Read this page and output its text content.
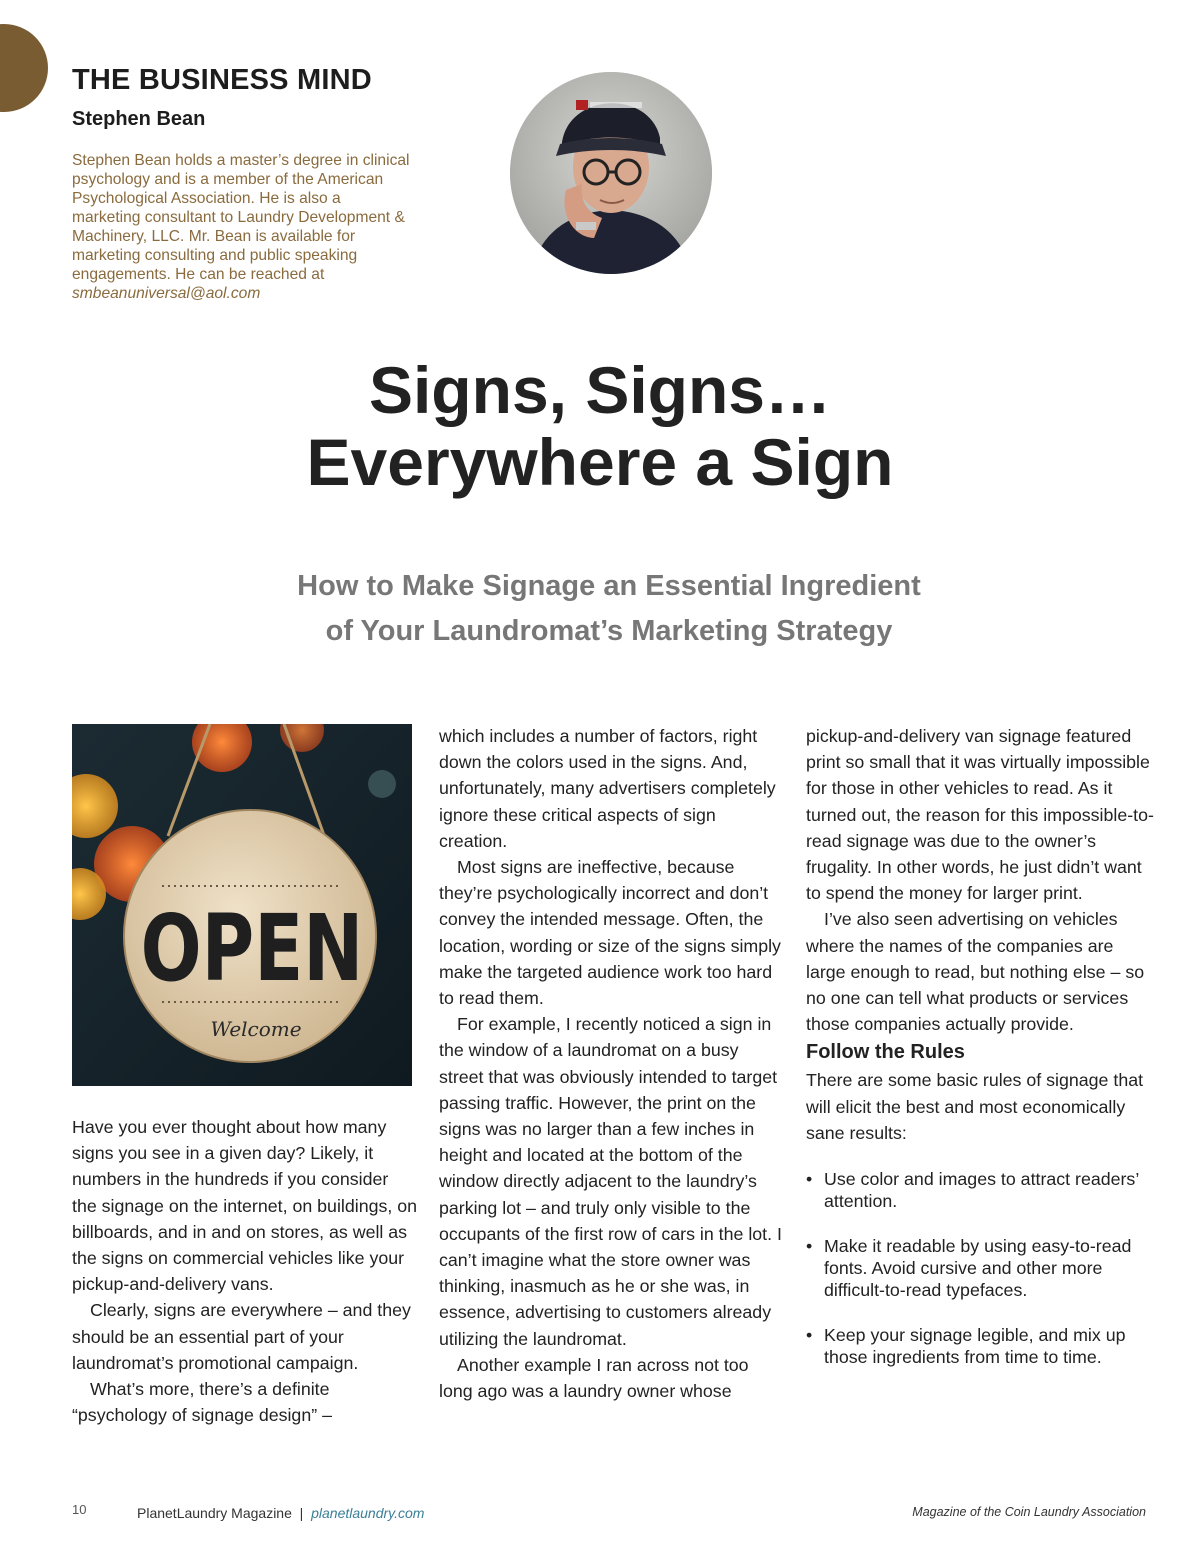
THE BUSINESS MIND
Stephen Bean
Stephen Bean holds a master’s degree in clinical psychology and is a member of the American Psychological Association. He is also a marketing consultant to Laundry Development & Machinery, LLC. Mr. Bean is available for marketing consulting and public speaking engagements. He can be reached at smbeanuniversal@aol.com
Signs, Signs…
Everywhere a Sign
How to Make Signage an Essential Ingredient
of Your Laundromat’s Marketing Strategy
OPEN
Welcome

Have you ever thought about how many signs you see in a given day? Likely, it numbers in the hundreds if you consider the signage on the internet, on buildings, on billboards, and in and on stores, as well as the signs on commercial vehicles like your pickup-and-delivery vans.

Clearly, signs are everywhere – and they should be an essential part of your laundromat’s promotional campaign.

What’s more, there’s a definite “psychology of signage design” –

which includes a number of factors, right down the colors used in the signs. And, unfortunately, many advertisers completely ignore these critical aspects of sign creation.

Most signs are ineffective, because they’re psychologically incorrect and don’t convey the intended message. Often, the location, wording or size of the signs simply make the targeted audience work too hard to read them.

For example, I recently noticed a sign in the window of a laundromat on a busy street that was obviously intended to target passing traffic. However, the print on the signs was no larger than a few inches in height and located at the bottom of the window directly adjacent to the laundry’s parking lot – and truly only visible to the occupants of the first row of cars in the lot. I can’t imagine what the store owner was thinking, inasmuch as he or she was, in essence, advertising to customers already utilizing the laundromat.

Another example I ran across not too long ago was a laundry owner whose

pickup-and-delivery van signage featured print so small that it was virtually impossible for those in other vehicles to read. As it turned out, the reason for this impossible-to-read signage was due to the owner’s frugality. In other words, he just didn’t want to spend the money for larger print.

I’ve also seen advertising on vehicles where the names of the companies are large enough to read, but nothing else – so no one can tell what products or services those companies actually provide.

Follow the Rules

There are some basic rules of signage that will elicit the best and most economically sane results:

• Use color and images to attract readers’ attention.
• Make it readable by using easy-to-read fonts. Avoid cursive and other more difficult-to-read typefaces.
• Keep your signage legible, and mix up those ingredients from time to time.
10	PlanetLaundry Magazine | planetlaundry.com	Magazine of the Coin Laundry Association
